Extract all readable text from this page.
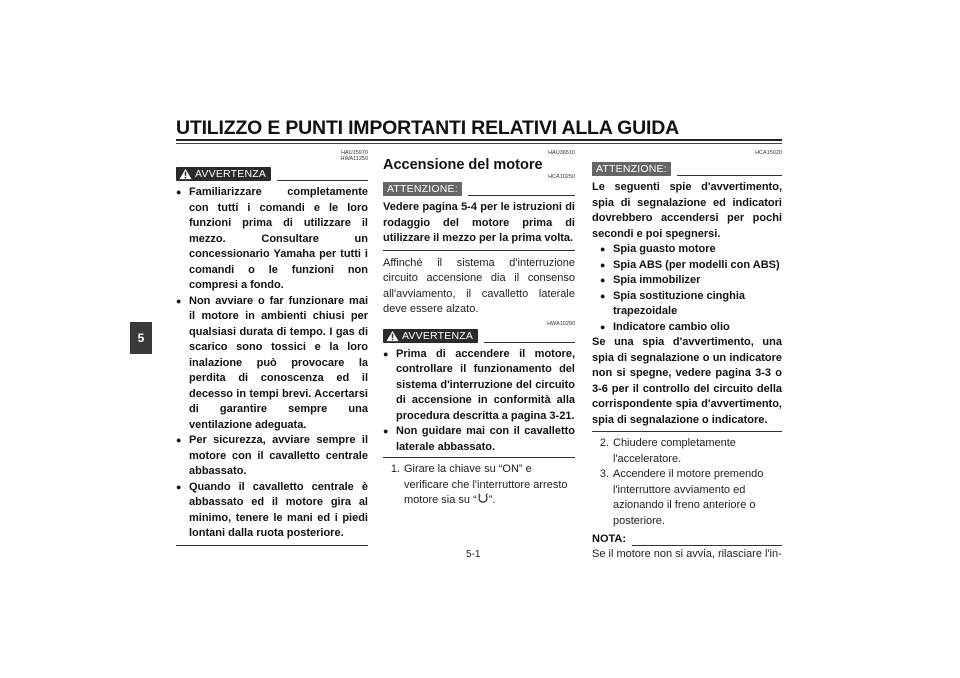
UTILIZZO E PUNTI IMPORTANTI RELATIVI ALLA GUIDA
5
HAU15970
HWA11250
AVVERTENZA
● Familiarizzare completamente con tutti i comandi e le loro funzioni prima di utilizzare il mezzo. Consultare un concessionario Yamaha per tutti i comandi o le funzioni non compresi a fondo.
● Non avviare o far funzionare mai il motore in ambienti chiusi per qualsiasi durata di tempo. I gas di scarico sono tossici e la loro inalazione può provocare la perdita di conoscenza ed il decesso in tempi brevi. Accertarsi di garantire sempre una ventilazione adeguata.
● Per sicurezza, avviare sempre il motore con il cavalletto centrale abbassato.
● Quando il cavalletto centrale è abbassato ed il motore gira al minimo, tenere le mani ed i piedi lontani dalla ruota posteriore.
HAU36510
Accensione del motore
HCA10250
ATTENZIONE:
Vedere pagina 5-4 per le istruzioni di rodaggio del motore prima di utilizzare il mezzo per la prima volta.
Affinché il sistema d'interruzione circuito accensione dia il consenso all'avviamento, il cavalletto laterale deve essere alzato.
HWA10290
AVVERTENZA
● Prima di accendere il motore, controllare il funzionamento del sistema d'interruzione del circuito di accensione in conformità alla procedura descritta a pagina 3-21.
● Non guidare mai con il cavalletto laterale abbassato.
1. Girare la chiave su “ON” e verificare che l'interruttore arresto motore sia su “ ”.
HCA15020
ATTENZIONE:
Le seguenti spie d'avvertimento, spia di segnalazione ed indicatori dovrebbero accendersi per pochi secondi e poi spegnersi.
● Spia guasto motore
● Spia ABS (per modelli con ABS)
● Spia immobilizer
● Spia sostituzione cinghia trapezoidale
● Indicatore cambio olio
Se una spia d'avvertimento, una spia di segnalazione o un indicatore non si spegne, vedere pagina 3-3 o 3-6 per il controllo del circuito della corrispondente spia d'avvertimento, spia di segnalazione o indicatore.
2. Chiudere completamente l'acceleratore.
3. Accendere il motore premendo l'interruttore avviamento ed azionando il freno anteriore o posteriore.
NOTA:
Se il motore non si avvia, rilasciare l'in-
5-1
